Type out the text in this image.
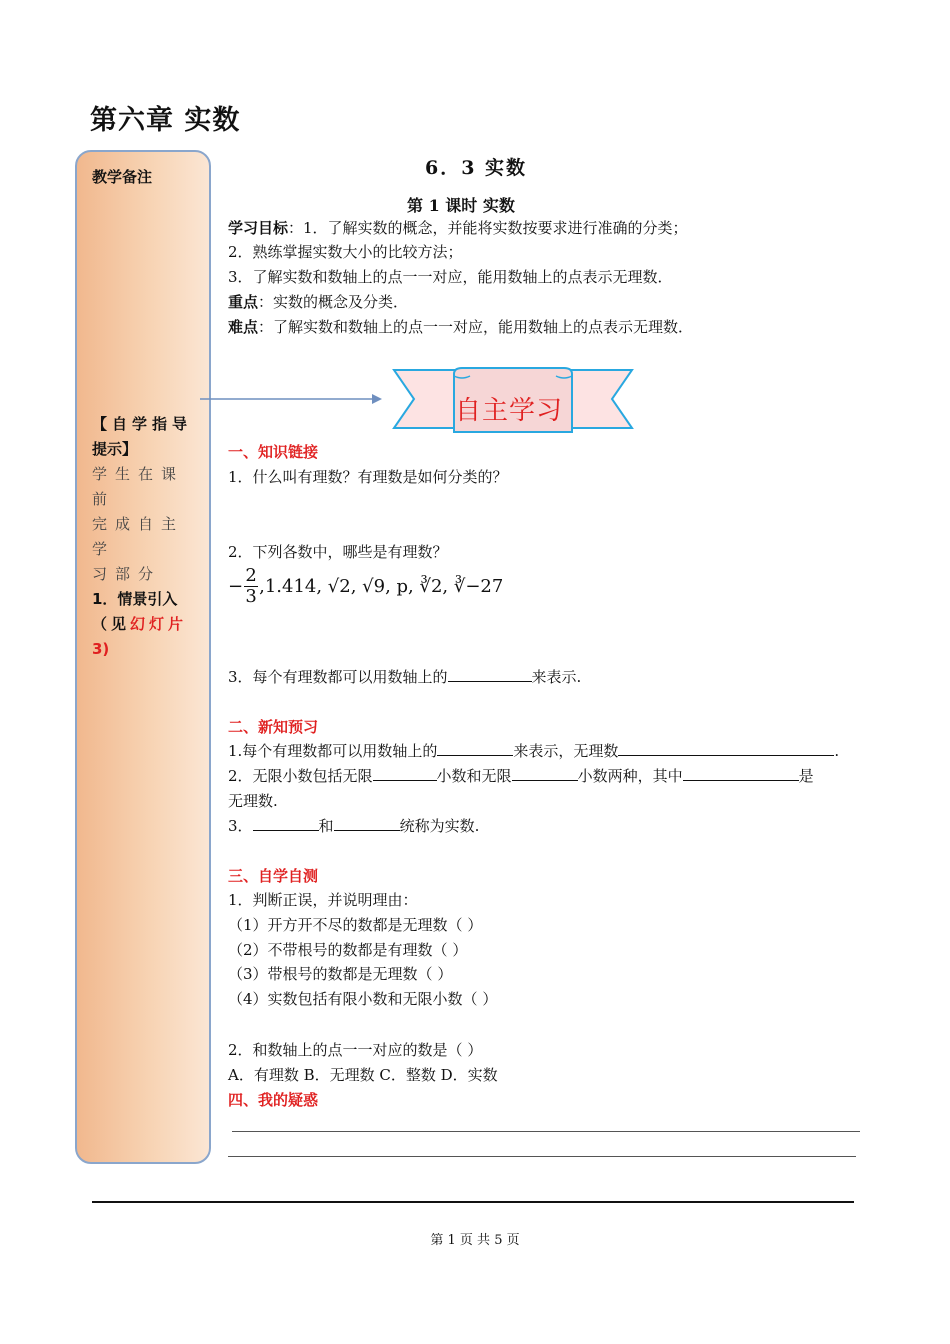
第六章 实数
教学备注
【自学指导
提示】
学生在课前
完成自主学
习部分
1．情景引入
（见幻灯片
3)
6．3 实数
第 1 课时 实数
学习目标：1．了解实数的概念，并能将实数按要求进行准确的分类；
2．熟练掌握实数大小的比较方法；
3．了解实数和数轴上的点一一对应，能用数轴上的点表示无理数．
重点：实数的概念及分类．
难点：了解实数和数轴上的点一一对应，能用数轴上的点表示无理数．
自主学习
一、知识链接
1．什么叫有理数？有理数是如何分类的？
2．下列各数中，哪些是有理数？
−
2
3 ,1.414, √2, √9, p, ∛2, ∛−27
3．每个有理数都可以用数轴上的	来表示.
二、新知预习
1.每个有理数都可以用数轴上的	来表示，无理数	.
2．无限小数包括无限	小数和无限	小数两种，其中	是
无理数.
3．	和	统称为实数.
三、自学自测
1．判断正误，并说明理由：
（1）开方开不尽的数都是无理数（ ）
（2）不带根号的数都是有理数（ ）
（3）带根号的数都是无理数（ ）
（4）实数包括有限小数和无限小数（ ）
2．和数轴上的点一一对应的数是（ ）
A．有理数 B．无理数 C．整数 D．实数
四、我的疑惑
第 1 页 共 5 页
